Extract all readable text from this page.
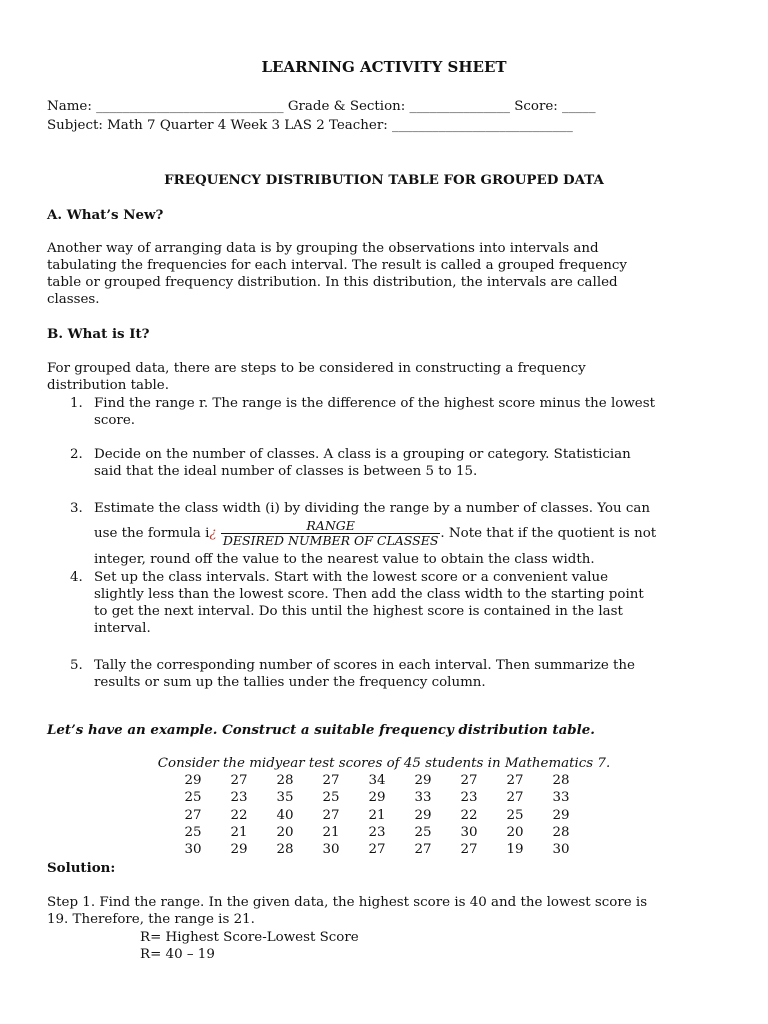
LEARNING ACTIVITY SHEET
Name: ____________________________ Grade & Section: _______________ Score: _____
Subject: Math 7 Quarter 4 Week 3 LAS 2 Teacher: ___________________________
FREQUENCY DISTRIBUTION TABLE FOR GROUPED DATA
A. What’s New?
Another way of arranging data is by grouping the observations into intervals and
tabulating the frequencies for each interval. The result is called a grouped frequency
table or grouped frequency distribution. In this distribution, the intervals are called
classes.
B. What is It?
For grouped data, there are steps to be considered in constructing a frequency
distribution table.
1. Find the range r. The range is the difference of the highest score minus the lowest
score.
2. Decide on the number of classes. A class is a grouping or category. Statistician
said that the ideal number of classes is between 5 to 15.
3. Estimate the class width (i) by dividing the range by a number of classes. You can
use the formula i¿ $\frac{\text{RANGE}}{\text{DESIRED NUMBER OF CLASSES}}$ . Note that if the quotient is not
integer, round off the value to the nearest value to obtain the class width.
4. Set up the class intervals. Start with the lowest score or a convenient value
slightly less than the lowest score. Then add the class width to the starting point
to get the next interval. Do this until the highest score is contained in the last
interval.
5. Tally the corresponding number of scores in each interval. Then summarize the
results or sum up the tallies under the frequency column.
Let’s have an example. Construct a suitable frequency distribution table.
Consider the midyear test scores of 45 students in Mathematics 7.
29	27	28	27	34	29	27	27	28
25	23	35	25	29	33	23	27	33
27	22	40	27	21	29	22	25	29
25	21	20	21	23	25	30	20	28
30	29	28	30	27	27	27	19	30
Solution:
Step 1. Find the range. In the given data, the highest score is 40 and the lowest score is
19. Therefore, the range is 21.
R= Highest Score-Lowest Score
R= 40 – 19
